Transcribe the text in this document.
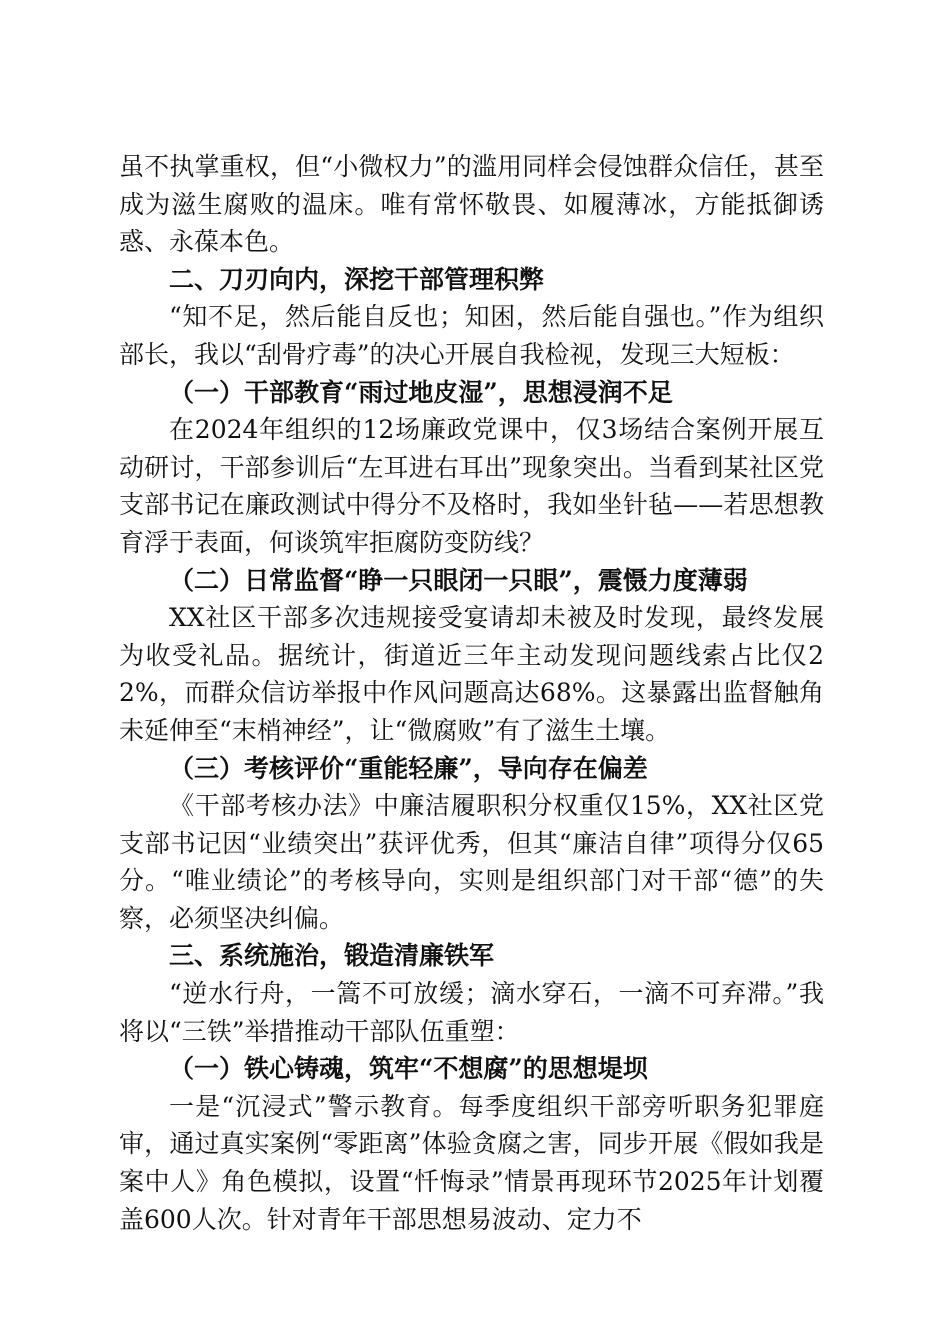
虽不执掌重权，但“小微权力”的滥用同样会侵蚀群众信任，甚至成为滋生腐败的温床。唯有常怀敬畏、如履薄冰，方能抵御诱惑、永葆本色。

二、刀刃向内，深挖干部管理积弊

“知不足，然后能自反也；知困，然后能自强也。”作为组织部长，我以“刮骨疗毒”的决心开展自我检视，发现三大短板：

（一）干部教育“雨过地皮湿”，思想浸润不足

在2024年组织的12场廉政党课中，仅3场结合案例开展互动研讨，干部参训后“左耳进右耳出”现象突出。当看到某社区党支部书记在廉政测试中得分不及格时，我如坐针毡——若思想教育浮于表面，何谈筑牢拒腐防变防线？

（二）日常监督“睁一只眼闭一只眼”，震慑力度薄弱

XX社区干部多次违规接受宴请却未被及时发现，最终发展为收受礼品。据统计，街道近三年主动发现问题线索占比仅22%，而群众信访举报中作风问题高达68%。这暴露出监督触角未延伸至“末梢神经”，让“微腐败”有了滋生土壤。

（三）考核评价“重能轻廉”，导向存在偏差

《干部考核办法》中廉洁履职积分权重仅15%，XX社区党支部书记因“业绩突出”获评优秀，但其“廉洁自律”项得分仅65分。“唯业绩论”的考核导向，实则是组织部门对干部“德”的失察，必须坚决纠偏。

三、系统施治，锻造清廉铁军

“逆水行舟，一篙不可放缓；滴水穿石，一滴不可弃滞。”我将以“三铁”举措推动干部队伍重塑：

（一）铁心铸魂，筑牢“不想腐”的思想堤坝

一是“沉浸式”警示教育。每季度组织干部旁听职务犯罪庭审，通过真实案例“零距离”体验贪腐之害，同步开展《假如我是案中人》角色模拟，设置“忏悔录”情景再现环节2025年计划覆盖600人次。针对青年干部思想易波动、定力不
